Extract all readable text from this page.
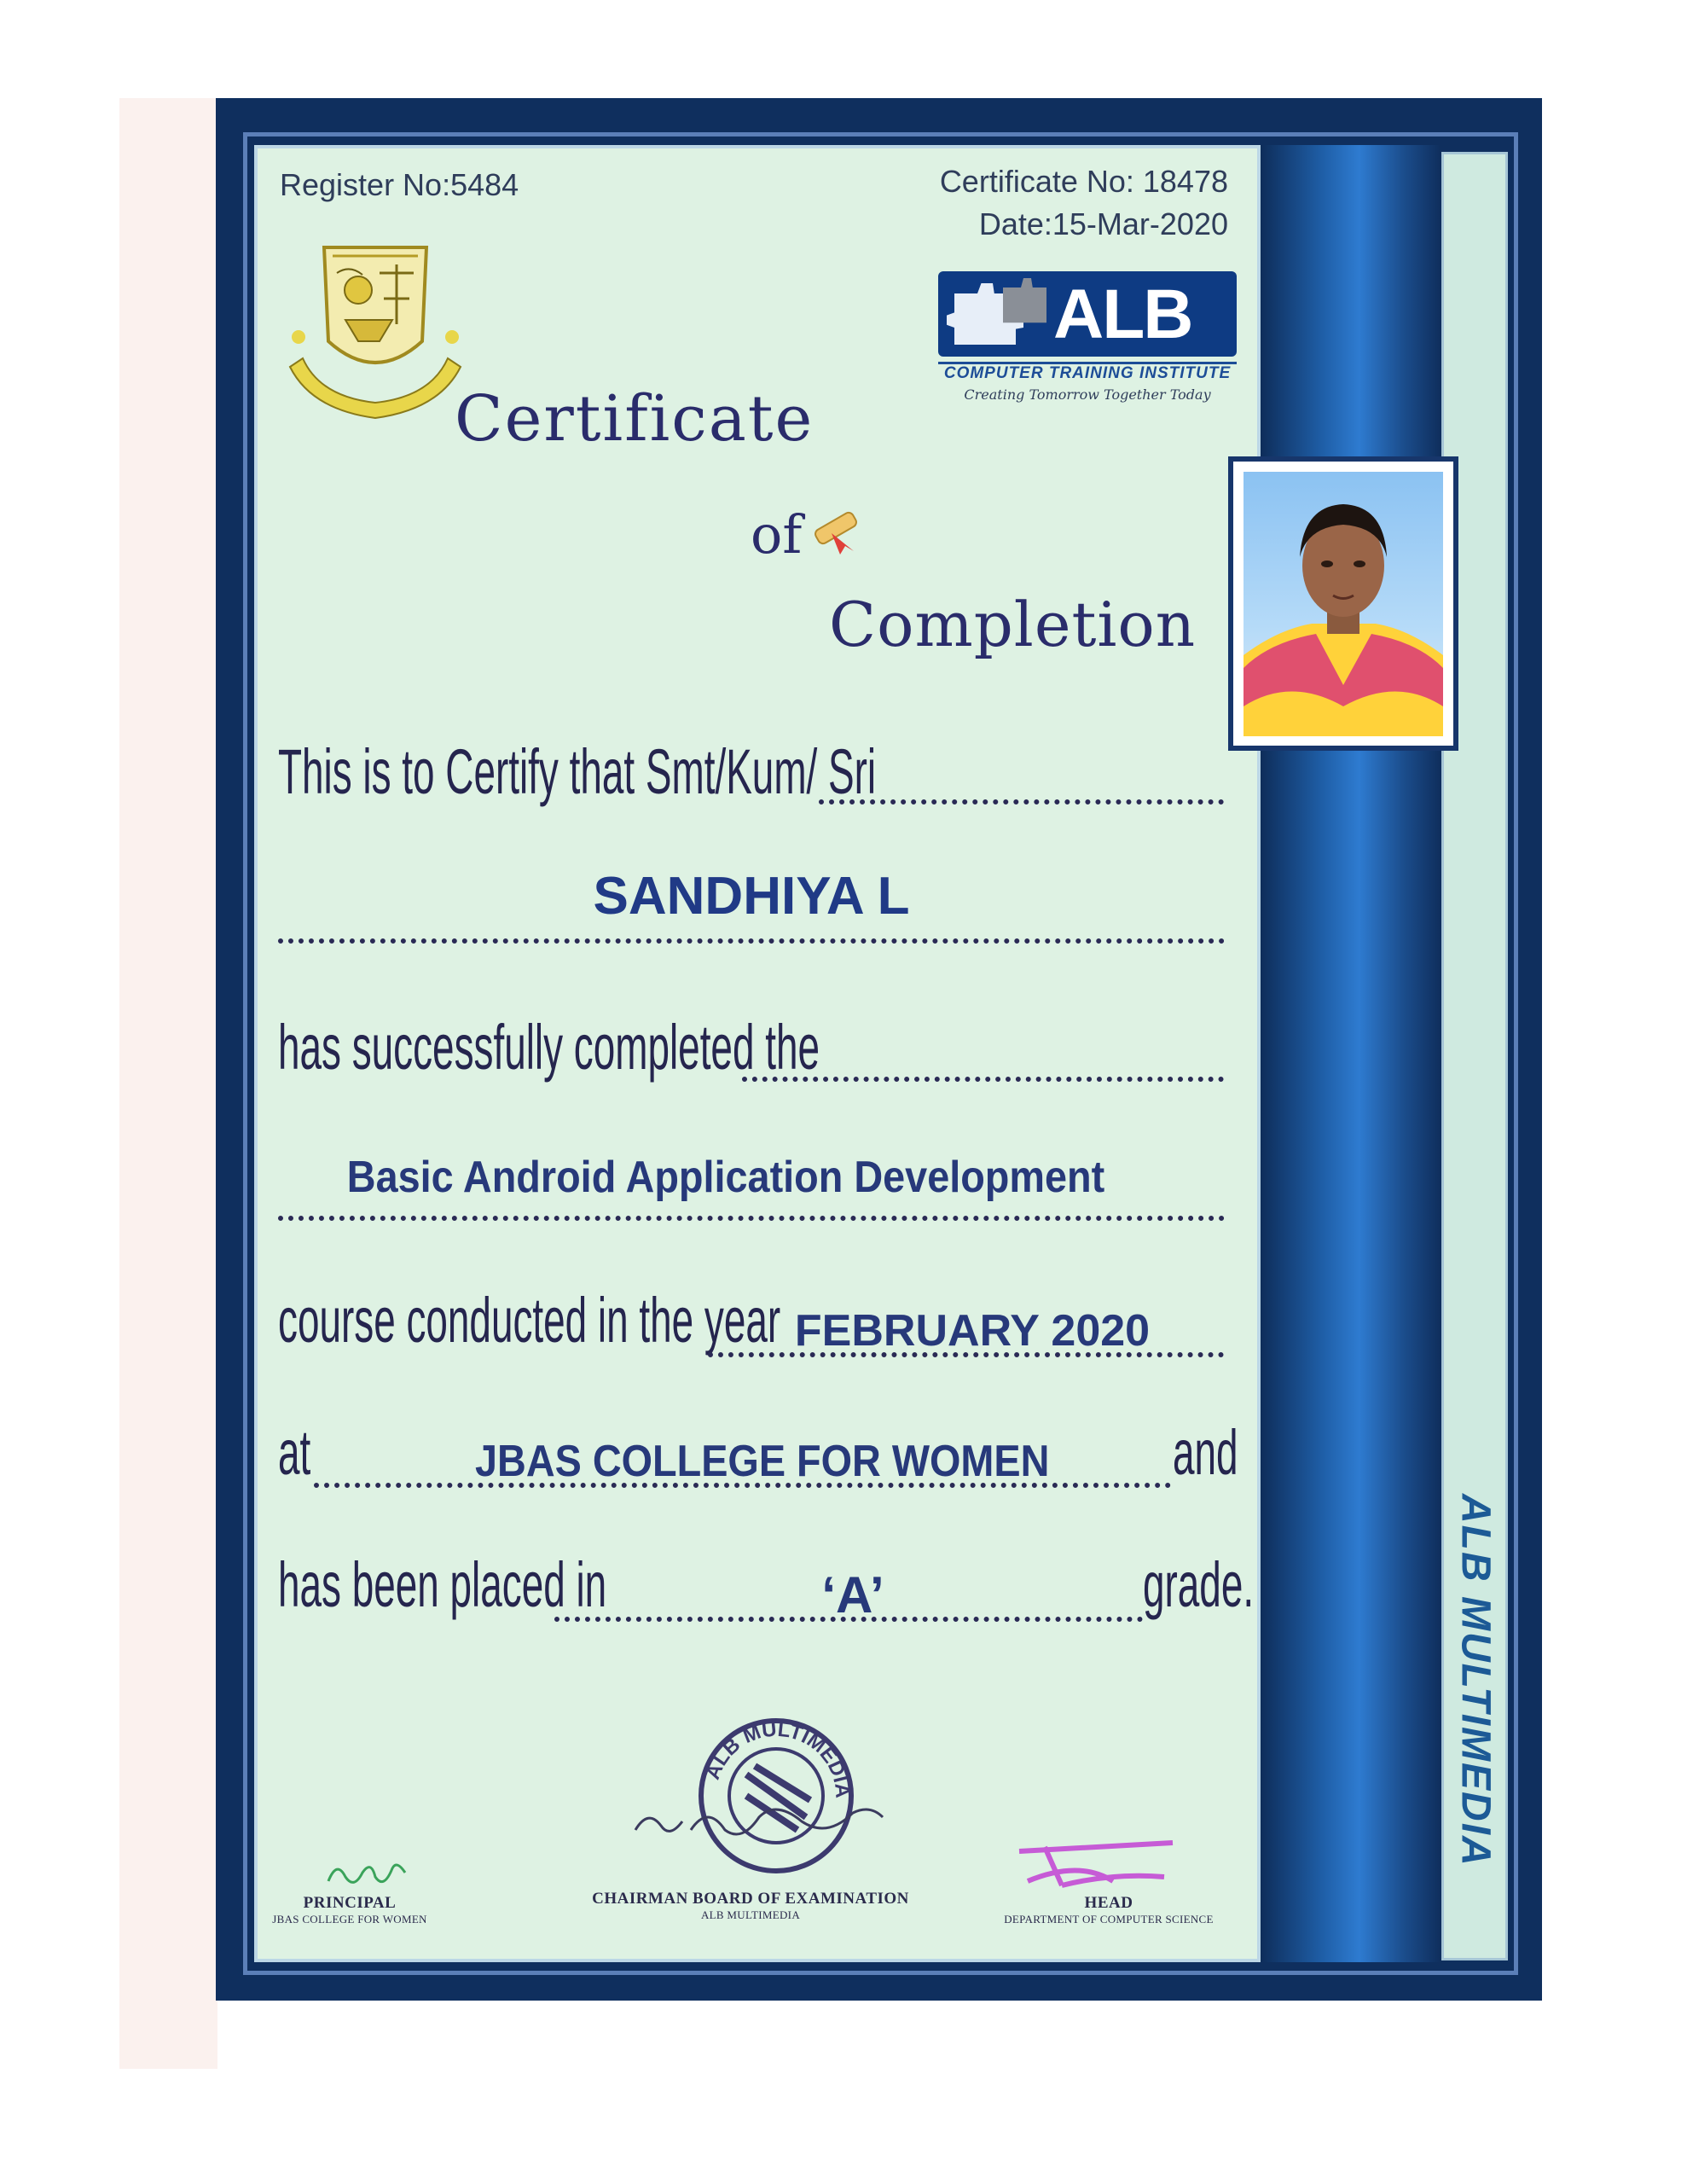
ALB MULTIMEDIA
Register No:5484	Certificate No: 18478
Date:15-Mar-2020
ALB
COMPUTER TRAINING INSTITUTE
Creating Tomorrow Together Today
Certificate
of
Completion
This is to Certify that Smt/Kum/ Sri
SANDHIYA L
has successfully completed the
Basic Android Application Development
course conducted in the year FEBRUARY 2020
at	JBAS COLLEGE FOR WOMEN and
has been placed in	‘A’	grade.
ALB MULTIMEDIA
PRINCIPAL
JBAS COLLEGE FOR WOMEN
CHAIRMAN BOARD OF EXAMINATION
ALB MULTIMEDIA
HEAD
DEPARTMENT OF COMPUTER SCIENCE
